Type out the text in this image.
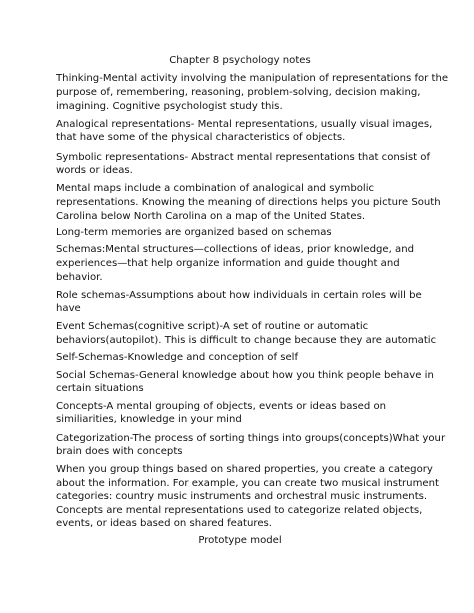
Chapter 8 psychology notes
Thinking-Mental activity involving the manipulation of representations for the
purpose of, remembering, reasoning, problem-solving, decision making,
imagining. Cognitive psychologist study this.
Analogical representations- Mental representations, usually visual images,
that have some of the physical characteristics of objects.
Symbolic representations- Abstract mental representations that consist of
words or ideas.
Mental maps include a combination of analogical and symbolic
representations. Knowing the meaning of directions helps you picture South
Carolina below North Carolina on a map of the United States.
Long-term memories are organized based on schemas
Schemas:Mental structures—collections of ideas, prior knowledge, and
experiences—that help organize information and guide thought and
behavior.
Role schemas-Assumptions about how individuals in certain roles will be
have
Event Schemas(cognitive script)-A set of routine or automatic
behaviors(autopilot). This is difficult to change because they are automatic
Self-Schemas-Knowledge and conception of self
Social Schemas-General knowledge about how you think people behave in
certain situations
Concepts-A mental grouping of objects, events or ideas based on
similiarities, knowledge in your mind
Categorization-The process of sorting things into groups(concepts)What your
brain does with concepts
When you group things based on shared properties, you create a category
about the information. For example, you can create two musical instrument
categories: country music instruments and orchestral music instruments.
Concepts are mental representations used to categorize related objects,
events, or ideas based on shared features.
Prototype model
